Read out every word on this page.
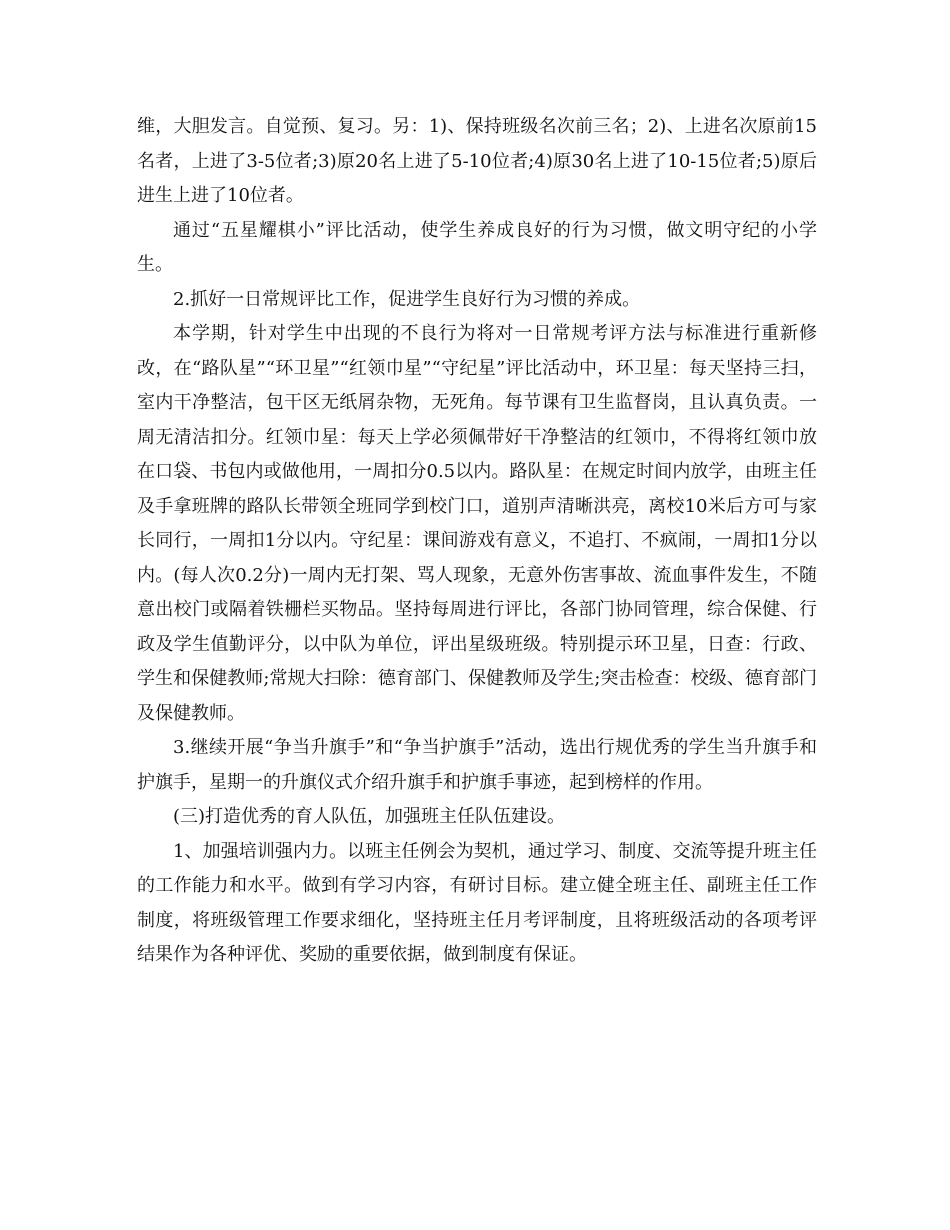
维，大胆发言。自觉预、复习。另：1)、保持班级名次前三名；2)、上进名次原前15名者，上进了3-5位者;3)原20名上进了5-10位者;4)原30名上进了10-15位者;5)原后进生上进了10位者。

通过“五星耀棋小”评比活动，使学生养成良好的行为习惯，做文明守纪的小学生。

2.抓好一日常规评比工作，促进学生良好行为习惯的养成。

本学期，针对学生中出现的不良行为将对一日常规考评方法与标准进行重新修改，在“路队星”“环卫星”“红领巾星”“守纪星”评比活动中，环卫星：每天坚持三扫，室内干净整洁，包干区无纸屑杂物，无死角。每节课有卫生监督岗，且认真负责。一周无清洁扣分。红领巾星：每天上学必须佩带好干净整洁的红领巾，不得将红领巾放在口袋、书包内或做他用，一周扣分0.5以内。路队星：在规定时间内放学，由班主任及手拿班牌的路队长带领全班同学到校门口，道别声清晰洪亮，离校10米后方可与家长同行，一周扣1分以内。守纪星：课间游戏有意义，不追打、不疯闹，一周扣1分以内。(每人次0.2分)一周内无打架、骂人现象，无意外伤害事故、流血事件发生，不随意出校门或隔着铁栅栏买物品。坚持每周进行评比，各部门协同管理，综合保健、行政及学生值勤评分，以中队为单位，评出星级班级。特别提示环卫星，日查：行政、学生和保健教师;常规大扫除：德育部门、保健教师及学生;突击检查：校级、德育部门及保健教师。

3.继续开展“争当升旗手”和“争当护旗手”活动，选出行规优秀的学生当升旗手和护旗手，星期一的升旗仪式介绍升旗手和护旗手事迹，起到榜样的作用。

(三)打造优秀的育人队伍，加强班主任队伍建设。

1、加强培训强内力。以班主任例会为契机，通过学习、制度、交流等提升班主任的工作能力和水平。做到有学习内容，有研讨目标。建立健全班主任、副班主任工作制度，将班级管理工作要求细化，坚持班主任月考评制度，且将班级活动的各项考评结果作为各种评优、奖励的重要依据，做到制度有保证。
